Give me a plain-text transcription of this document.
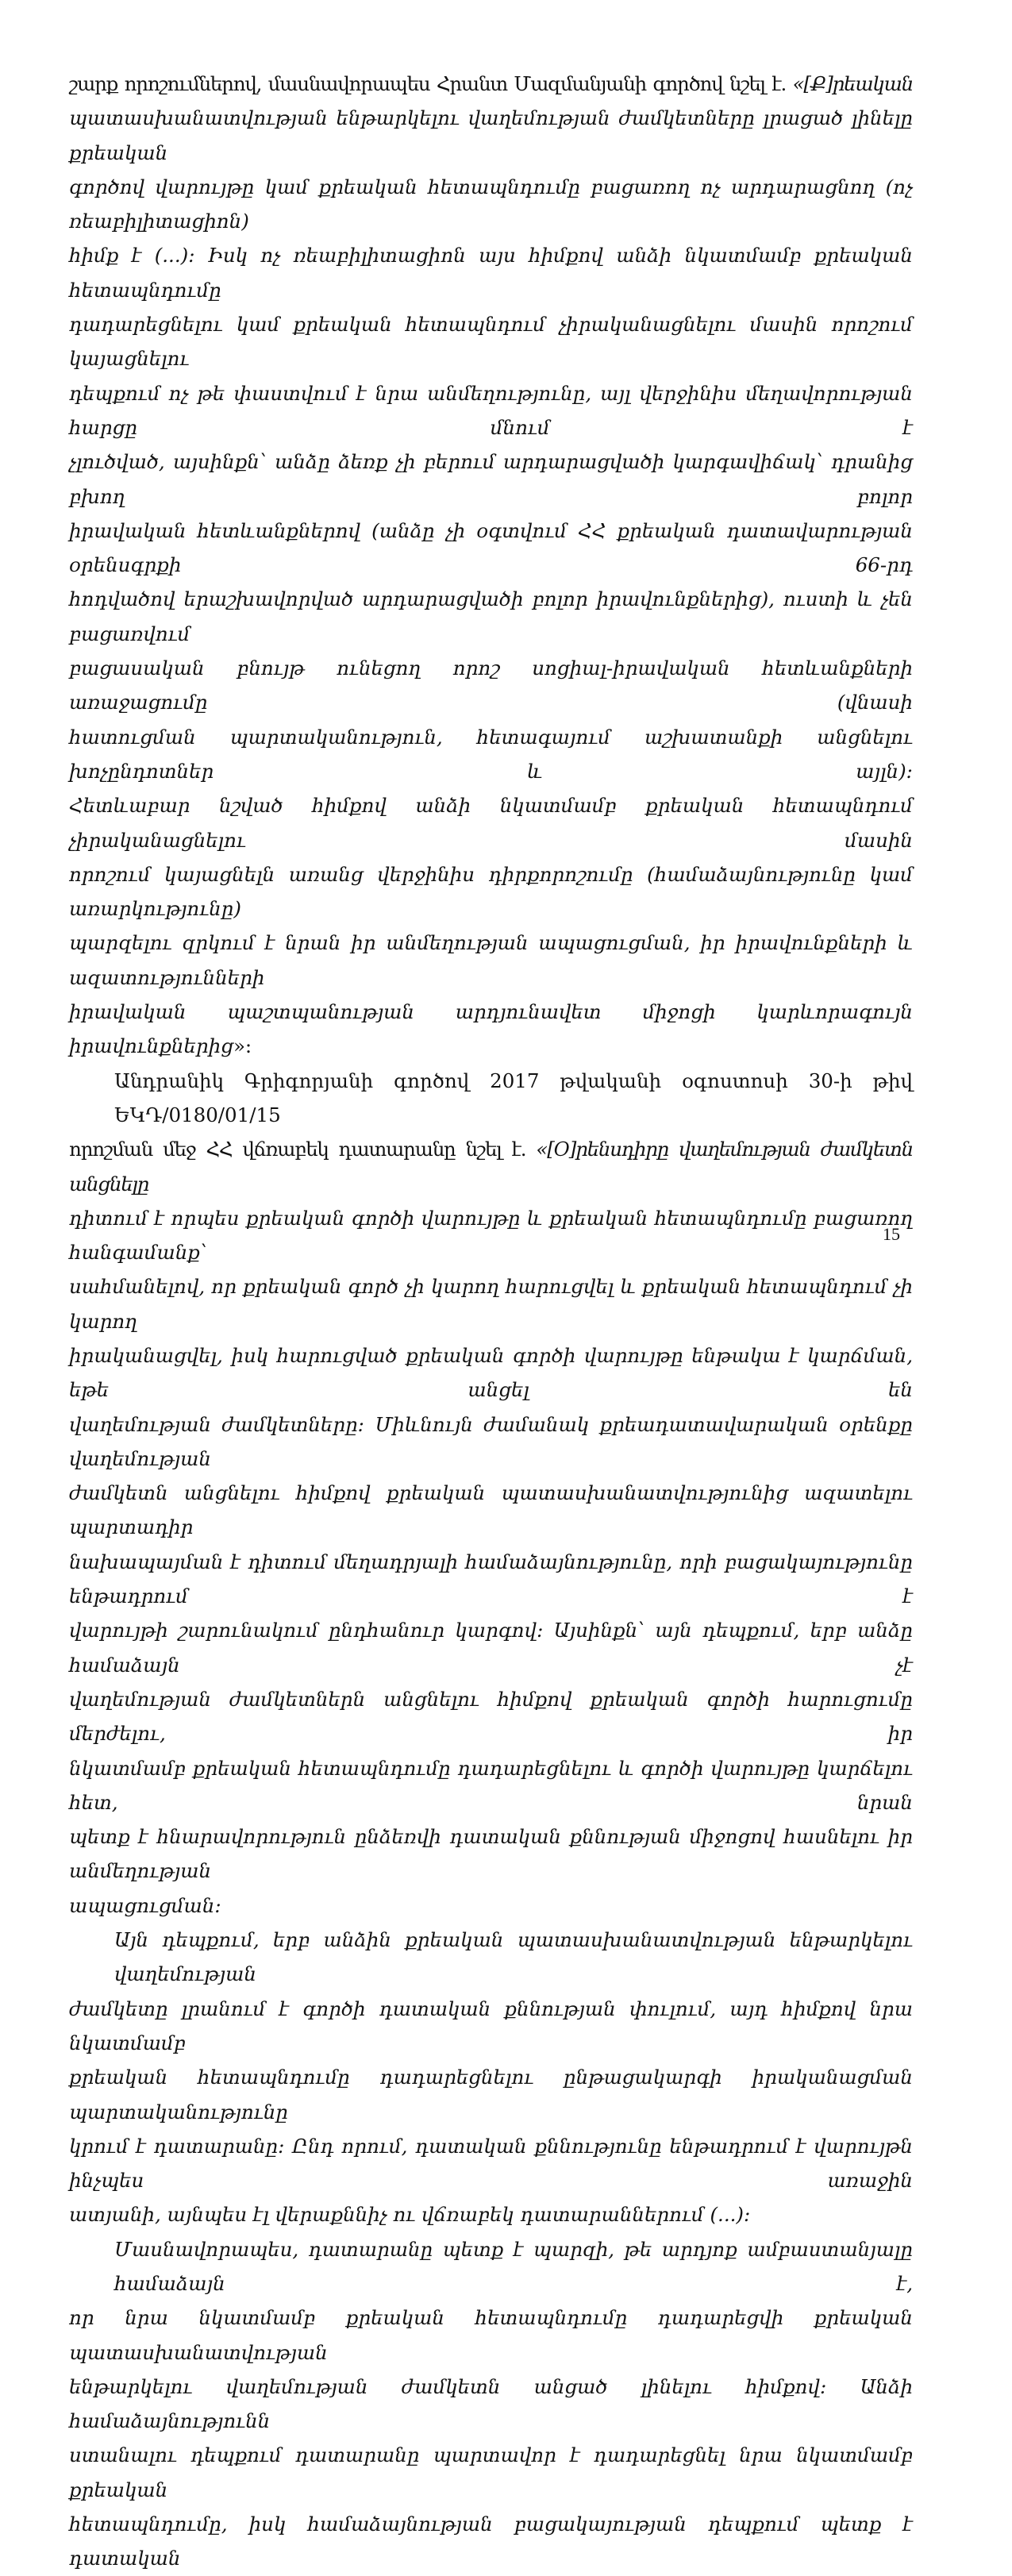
շարք որոշումներով, մասնավորապես Հրանտ Մազմանյանի գործով նշել է. «[Ք]րեական
պատասխանատվության ենթարկելու վաղեմության ժամկետները լրացած լինելը քրեական
գործով վարույթը կամ քրեական հետապնդումը բացառող ոչ արդարացնող (ոչ ռեաբիլիտացիոն)
հիմք է (...)։ Իսկ ոչ ռեաբիլիտացիոն այս հիմքով անձի նկատմամբ քրեական հետապնդումը
դադարեցնելու կամ քրեական հետապնդում չիրականացնելու մասին որոշում կայացնելու
դեպքում ոչ թե փաստվում է նրա անմեղությունը, այլ վերջինիս մեղավորության հարցը մնում է
չլուծված, այսինքն՝ անձը ձեռք չի բերում արդարացվածի կարգավիճակ՝ դրանից բխող բոլոր
իրավական հետևանքներով (անձը չի օգտվում ՀՀ քրեական դատավարության օրենսգրքի 66-րդ
հոդվածով երաշխավորված արդարացվածի բոլոր իրավունքներից), ուստի և չեն բացառվում
բացասական բնույթ ունեցող որոշ սոցիալ-իրավական հետևանքների առաջացումը (վնասի
հատուցման պարտականություն, հետագայում աշխատանքի անցնելու խոչընդոտներ և այլն)։
Հետևաբար նշված հիմքով անձի նկատմամբ քրեական հետապնդում չիրականացնելու մասին
որոշում կայացնելն առանց վերջինիս դիրքորոշումը (համաձայնությունը կամ առարկությունը)
պարզելու զրկում է նրան իր անմեղության ապացուցման, իր իրավունքների և ազատությունների
իրավական պաշտպանության արդյունավետ միջոցի կարևորագույն իրավունքներից»։
Անդրանիկ Գրիգորյանի գործով 2017 թվականի օգոստոսի 30-ի թիվ ԵԿԴ/0180/01/15
որոշման մեջ ՀՀ վճռաբեկ դատարանը նշել է. «[Օ]րենսդիրը վաղեմության ժամկետն անցնելը
դիտում է որպես քրեական գործի վարույթը և քրեական հետապնդումը բացառող հանգամանք՝
սահմանելով, որ քրեական գործ չի կարող հարուցվել և քրեական հետապնդում չի կարող
իրականացվել, իսկ հարուցված քրեական գործի վարույթը ենթակա է կարճման, եթե անցել են
վաղեմության ժամկետները։ Միևնույն ժամանակ քրեադատավարական օրենքը վաղեմության
ժամկետն անցնելու հիմքով քրեական պատասխանատվությունից ազատելու պարտադիր
նախապայման է դիտում մեղադրյալի համաձայնությունը, որի բացակայությունը ենթադրում է
վարույթի շարունակում ընդհանուր կարգով։ Այսինքն՝ այն դեպքում, երբ անձը համաձայն չէ
վաղեմության ժամկետներն անցնելու հիմքով քրեական գործի հարուցումը մերժելու, իր
նկատմամբ քրեական հետապնդումը դադարեցնելու և գործի վարույթը կարճելու հետ, նրան
պետք է հնարավորություն ընձեռվի դատական քննության միջոցով հասնելու իր անմեղության
ապացուցման։
Այն դեպքում, երբ անձին քրեական պատասխանատվության ենթարկելու վաղեմության
ժամկետը լրանում է գործի դատական քննության փուլում, այդ հիմքով նրա նկատմամբ
քրեական հետապնդումը դադարեցնելու ընթացակարգի իրականացման պարտականությունը
կրում է դատարանը։ Ընդ որում, դատական քննությունը ենթադրում է վարույթն ինչպես առաջին
ատյանի, այնպես էլ վերաքննիչ ու վճռաբեկ դատարաններում (...)։
Մասնավորապես, դատարանը պետք է պարզի, թե արդյոք ամբաստանյալը համաձայն է,
որ նրա նկատմամբ քրեական հետապնդումը դադարեցվի քրեական պատասխանատվության
ենթարկելու վաղեմության ժամկետն անցած լինելու հիմքով։ Անձի համաձայնությունն
ստանալու դեպքում դատարանը պարտավոր է դադարեցնել նրա նկատմամբ քրեական
հետապնդումը, իսկ համաձայնության բացակայության դեպքում պետք է դատական
15
